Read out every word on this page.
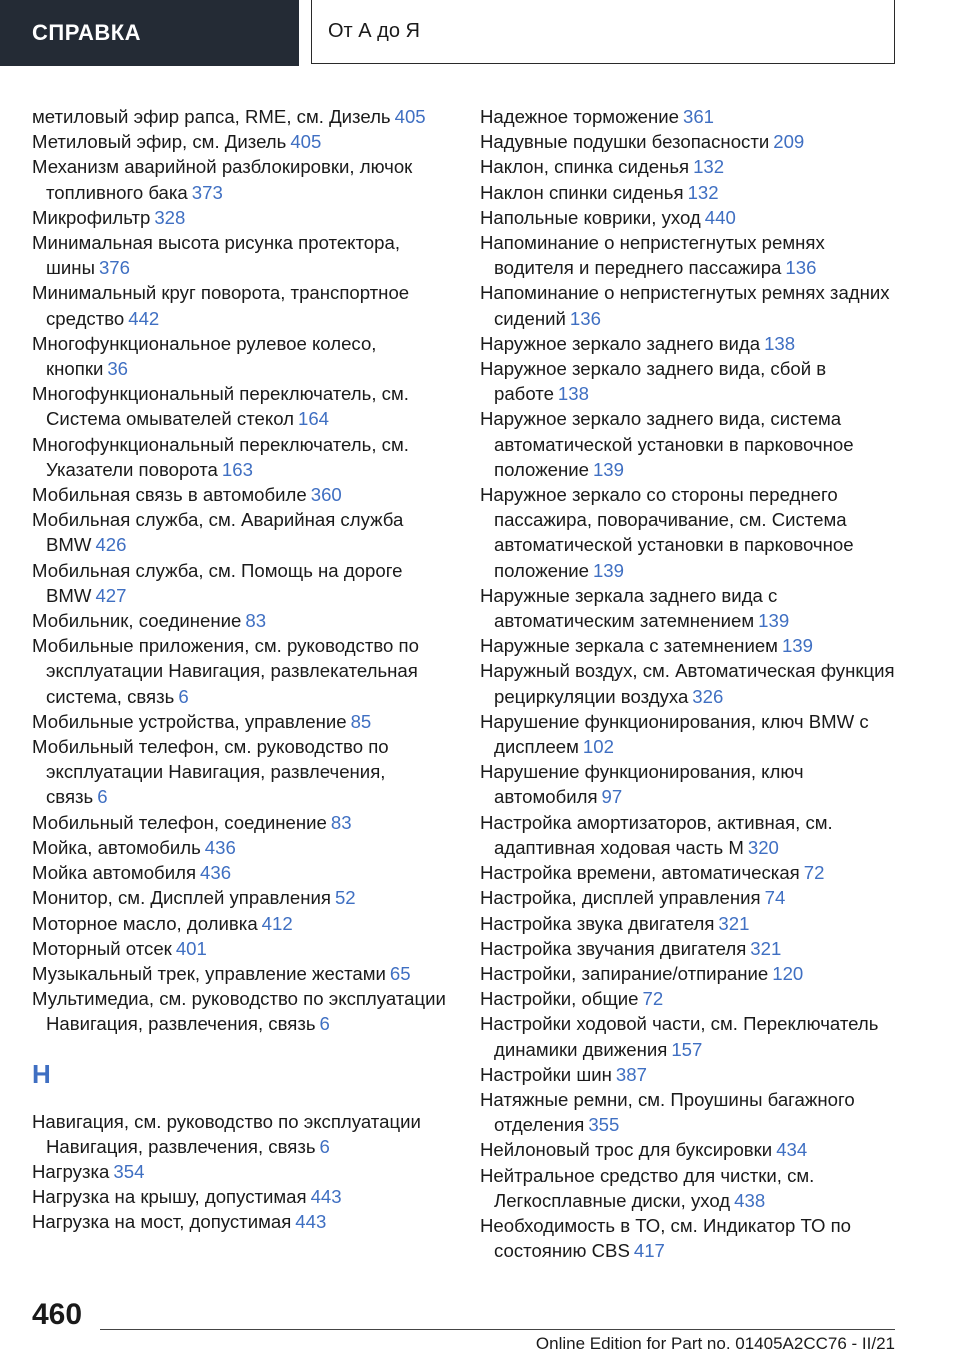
СПРАВКА	От А до Я

метиловый эфир рапса, RME, см. Дизель 405

Метиловый эфир, см. Дизель 405

Механизм аварийной разблокировки, лючок топливного бака 373

Микрофильтр 328

Минимальная высота рисунка протектора, шины 376

Минимальный круг поворота, транспортное средство 442

Многофункциональное рулевое колесо, кнопки 36

Многофункциональный переключатель, см. Система омывателей стекол 164

Многофункциональный переключатель, см. Указатели поворота 163

Мобильная связь в автомобиле 360

Мобильная служба, см. Аварийная служба BMW 426

Мобильная служба, см. Помощь на дороге BMW 427

Мобильник, соединение 83

Мобильные приложения, см. руководство по эксплуатации Навигация, развлекательная система, связь 6

Мобильные устройства, управление 85

Мобильный телефон, см. руководство по эксплуатации Навигация, развлечения, связь 6

Мобильный телефон, соединение 83

Мойка, автомобиль 436

Мойка автомобиля 436

Монитор, см. Дисплей управления 52

Моторное масло, доливка 412

Моторный отсек 401

Музыкальный трек, управление жестами 65

Мультимедиа, см. руководство по эксплуатации Навигация, развлечения, связь 6

Н

Навигация, см. руководство по эксплуатации Навигация, развлечения, связь 6

Нагрузка 354

Нагрузка на крышу, допустимая 443

Нагрузка на мост, допустимая 443

Надежное торможение 361

Надувные подушки безопасности 209

Наклон, спинка сиденья 132

Наклон спинки сиденья 132

Напольные коврики, уход 440

Напоминание о непристегнутых ремнях водителя и переднего пассажира 136

Напоминание о непристегнутых ремнях задних сидений 136

Наружное зеркало заднего вида 138

Наружное зеркало заднего вида, сбой в работе 138

Наружное зеркало заднего вида, система автоматической установки в парковочное положение 139

Наружное зеркало со стороны переднего пассажира, поворачивание, см. Система автоматической установки в парковочное положение 139

Наружные зеркала заднего вида с автоматическим затемнением 139

Наружные зеркала с затемнением 139

Наружный воздух, см. Автоматическая функция рециркуляции воздуха 326

Нарушение функционирования, ключ BMW с дисплеем 102

Нарушение функционирования, ключ автомобиля 97

Настройка амортизаторов, активная, см. адаптивная ходовая часть M 320

Настройка времени, автоматическая 72

Настройка, дисплей управления 74

Настройка звука двигателя 321

Настройка звучания двигателя 321

Настройки, запирание/отпирание 120

Настройки, общие 72

Настройки ходовой части, см. Переключатель динамики движения 157

Настройки шин 387

Натяжные ремни, см. Проушины багажного отделения 355

Нейлоновый трос для буксировки 434

Нейтральное средство для чистки, см. Легкосплавные диски, уход 438

Необходимость в ТО, см. Индикатор ТО по состоянию CBS 417

460
Online Edition for Part no. 01405A2CC76 - II/21
